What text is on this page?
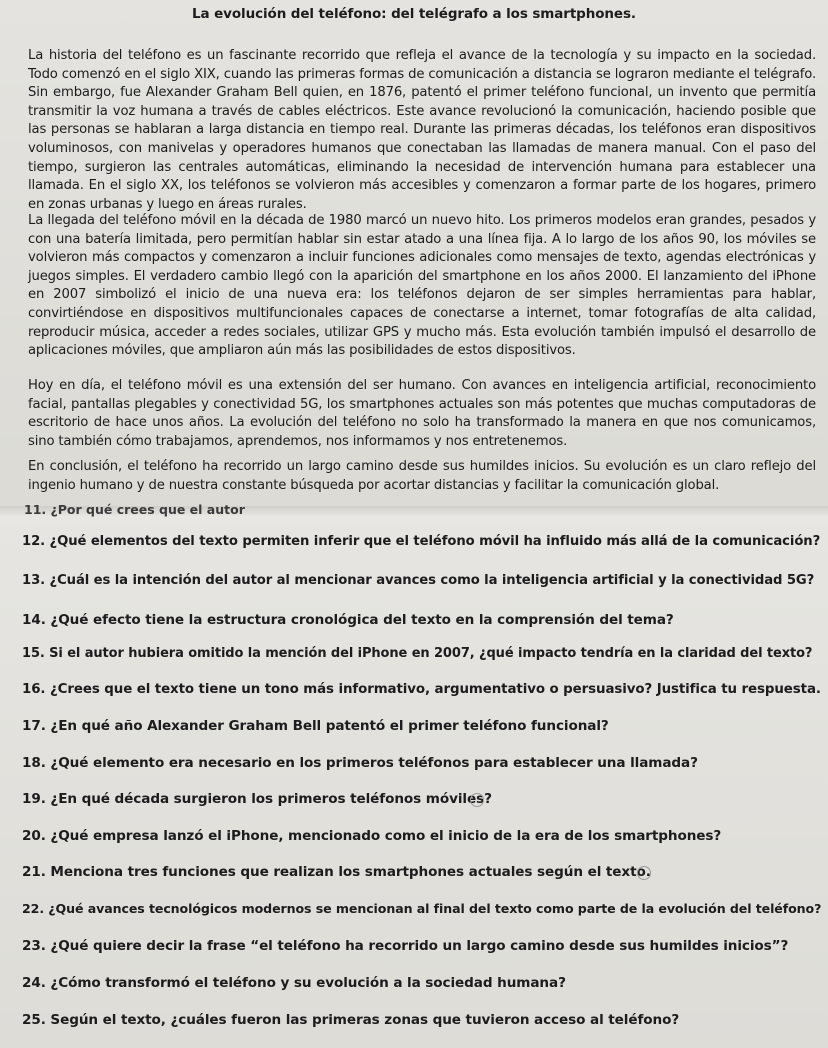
La evolución del teléfono: del telégrafo a los smartphones.

La historia del teléfono es un fascinante recorrido que refleja el avance de la tecnología y su impacto en la sociedad. Todo comenzó en el siglo XIX, cuando las primeras formas de comunicación a distancia se lograron mediante el telégrafo. Sin embargo, fue Alexander Graham Bell quien, en 1876, patentó el primer teléfono funcional, un invento que permitía transmitir la voz humana a través de cables eléctricos. Este avance revolucionó la comunicación, haciendo posible que las personas se hablaran a larga distancia en tiempo real. Durante las primeras décadas, los teléfonos eran dispositivos voluminosos, con manivelas y operadores humanos que conectaban las llamadas de manera manual. Con el paso del tiempo, surgieron las centrales automáticas, eliminando la necesidad de intervención humana para establecer una llamada. En el siglo XX, los teléfonos se volvieron más accesibles y comenzaron a formar parte de los hogares, primero en zonas urbanas y luego en áreas rurales.

La llegada del teléfono móvil en la década de 1980 marcó un nuevo hito. Los primeros modelos eran grandes, pesados y con una batería limitada, pero permitían hablar sin estar atado a una línea fija. A lo largo de los años 90, los móviles se volvieron más compactos y comenzaron a incluir funciones adicionales como mensajes de texto, agendas electrónicas y juegos simples. El verdadero cambio llegó con la aparición del smartphone en los años 2000. El lanzamiento del iPhone en 2007 simbolizó el inicio de una nueva era: los teléfonos dejaron de ser simples herramientas para hablar, convirtiéndose en dispositivos multifuncionales capaces de conectarse a internet, tomar fotografías de alta calidad, reproducir música, acceder a redes sociales, utilizar GPS y mucho más. Esta evolución también impulsó el desarrollo de aplicaciones móviles, que ampliaron aún más las posibilidades de estos dispositivos.

Hoy en día, el teléfono móvil es una extensión del ser humano. Con avances en inteligencia artificial, reconocimiento facial, pantallas plegables y conectividad 5G, los smartphones actuales son más potentes que muchas computadoras de escritorio de hace unos años. La evolución del teléfono no solo ha transformado la manera en que nos comunicamos, sino también cómo trabajamos, aprendemos, nos informamos y nos entretenemos.

En conclusión, el teléfono ha recorrido un largo camino desde sus humildes inicios. Su evolución es un claro reflejo del ingenio humano y de nuestra constante búsqueda por acortar distancias y facilitar la comunicación global.

11. ¿Por qué crees que el autor
12. ¿Qué elementos del texto permiten inferir que el teléfono móvil ha influido más allá de la comunicación?
13. ¿Cuál es la intención del autor al mencionar avances como la inteligencia artificial y la conectividad 5G?
14. ¿Qué efecto tiene la estructura cronológica del texto en la comprensión del tema?
15. Si el autor hubiera omitido la mención del iPhone en 2007, ¿qué impacto tendría en la claridad del texto?
16. ¿Crees que el texto tiene un tono más informativo, argumentativo o persuasivo? Justifica tu respuesta.
17. ¿En qué año Alexander Graham Bell patentó el primer teléfono funcional?
18. ¿Qué elemento era necesario en los primeros teléfonos para establecer una llamada?
19. ¿En qué década surgieron los primeros teléfonos móviles?
20. ¿Qué empresa lanzó el iPhone, mencionado como el inicio de la era de los smartphones?
21. Menciona tres funciones que realizan los smartphones actuales según el texto.
22. ¿Qué avances tecnológicos modernos se mencionan al final del texto como parte de la evolución del teléfono?
23. ¿Qué quiere decir la frase “el teléfono ha recorrido un largo camino desde sus humildes inicios”?
24. ¿Cómo transformó el teléfono y su evolución a la sociedad humana?
25. Según el texto, ¿cuáles fueron las primeras zonas que tuvieron acceso al teléfono?
